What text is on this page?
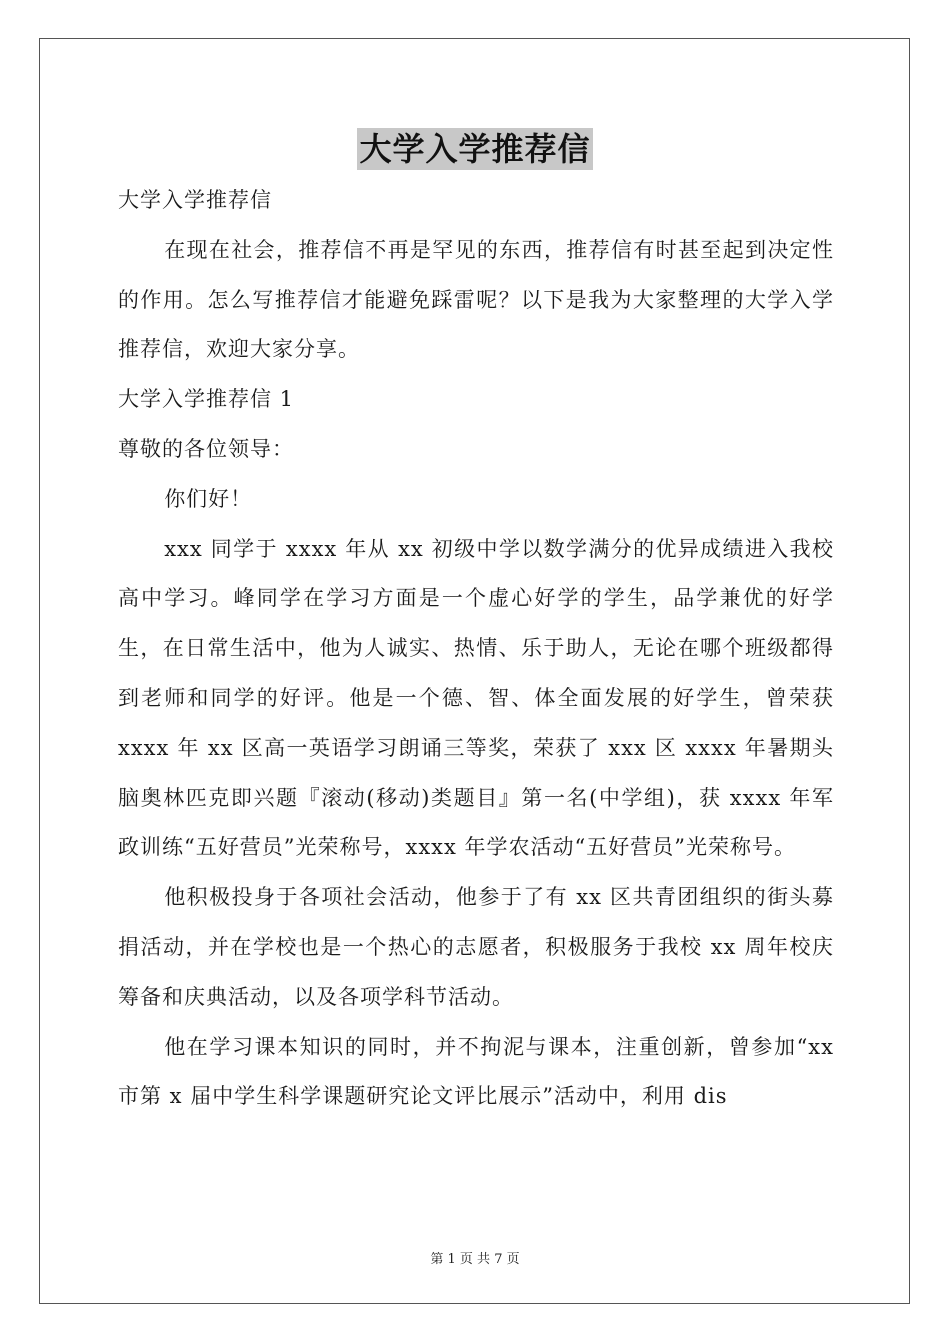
大学入学推荐信

大学入学推荐信

在现在社会，推荐信不再是罕见的东西，推荐信有时甚至起到决定性的作用。怎么写推荐信才能避免踩雷呢？以下是我为大家整理的大学入学推荐信，欢迎大家分享。

大学入学推荐信 1

尊敬的各位领导：

你们好！

xxx 同学于 xxxx 年从 xx 初级中学以数学满分的优异成绩进入我校高中学习。峰同学在学习方面是一个虚心好学的学生，品学兼优的好学生，在日常生活中，他为人诚实、热情、乐于助人，无论在哪个班级都得到老师和同学的好评。他是一个德、智、体全面发展的好学生，曾荣获 xxxx 年 xx 区高一英语学习朗诵三等奖，荣获了 xxx 区 xxxx 年暑期头脑奥林匹克即兴题『滚动(移动)类题目』第一名(中学组)，获 xxxx 年军政训练“五好营员”光荣称号，xxxx 年学农活动“五好营员”光荣称号。

他积极投身于各项社会活动，他参于了有 xx 区共青团组织的街头募捐活动，并在学校也是一个热心的志愿者，积极服务于我校 xx 周年校庆筹备和庆典活动，以及各项学科节活动。

他在学习课本知识的同时，并不拘泥与课本，注重创新，曾参加“xx 市第 x 届中学生科学课题研究论文评比展示”活动中，利用 dis

第 1 页 共 7 页
